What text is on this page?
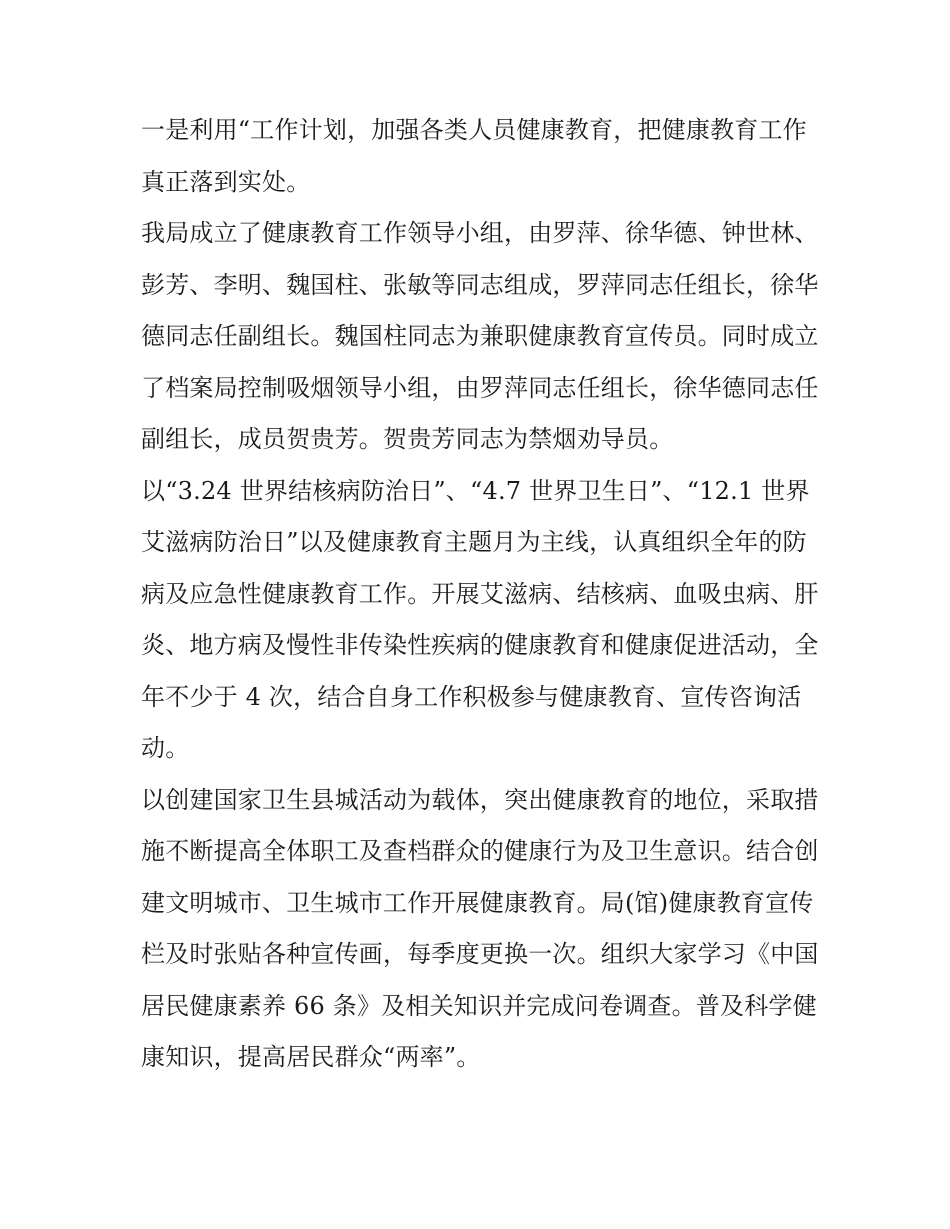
一是利用“工作计划，加强各类人员健康教育，把健康教育工作真正落到实处。

我局成立了健康教育工作领导小组，由罗萍、徐华德、钟世林、彭芳、李明、魏国柱、张敏等同志组成，罗萍同志任组长，徐华德同志任副组长。魏国柱同志为兼职健康教育宣传员。同时成立了档案局控制吸烟领导小组，由罗萍同志任组长，徐华德同志任副组长，成员贺贵芳。贺贵芳同志为禁烟劝导员。

以“3.24 世界结核病防治日”、“4.7 世界卫生日”、“12.1 世界艾滋病防治日”以及健康教育主题月为主线，认真组织全年的防病及应急性健康教育工作。开展艾滋病、结核病、血吸虫病、肝炎、地方病及慢性非传染性疾病的健康教育和健康促进活动，全年不少于 4 次，结合自身工作积极参与健康教育、宣传咨询活动。

以创建国家卫生县城活动为载体，突出健康教育的地位，采取措施不断提高全体职工及查档群众的健康行为及卫生意识。结合创建文明城市、卫生城市工作开展健康教育。局(馆)健康教育宣传栏及时张贴各种宣传画，每季度更换一次。组织大家学习《中国居民健康素养 66 条》及相关知识并完成问卷调查。普及科学健康知识，提高居民群众“两率”。
